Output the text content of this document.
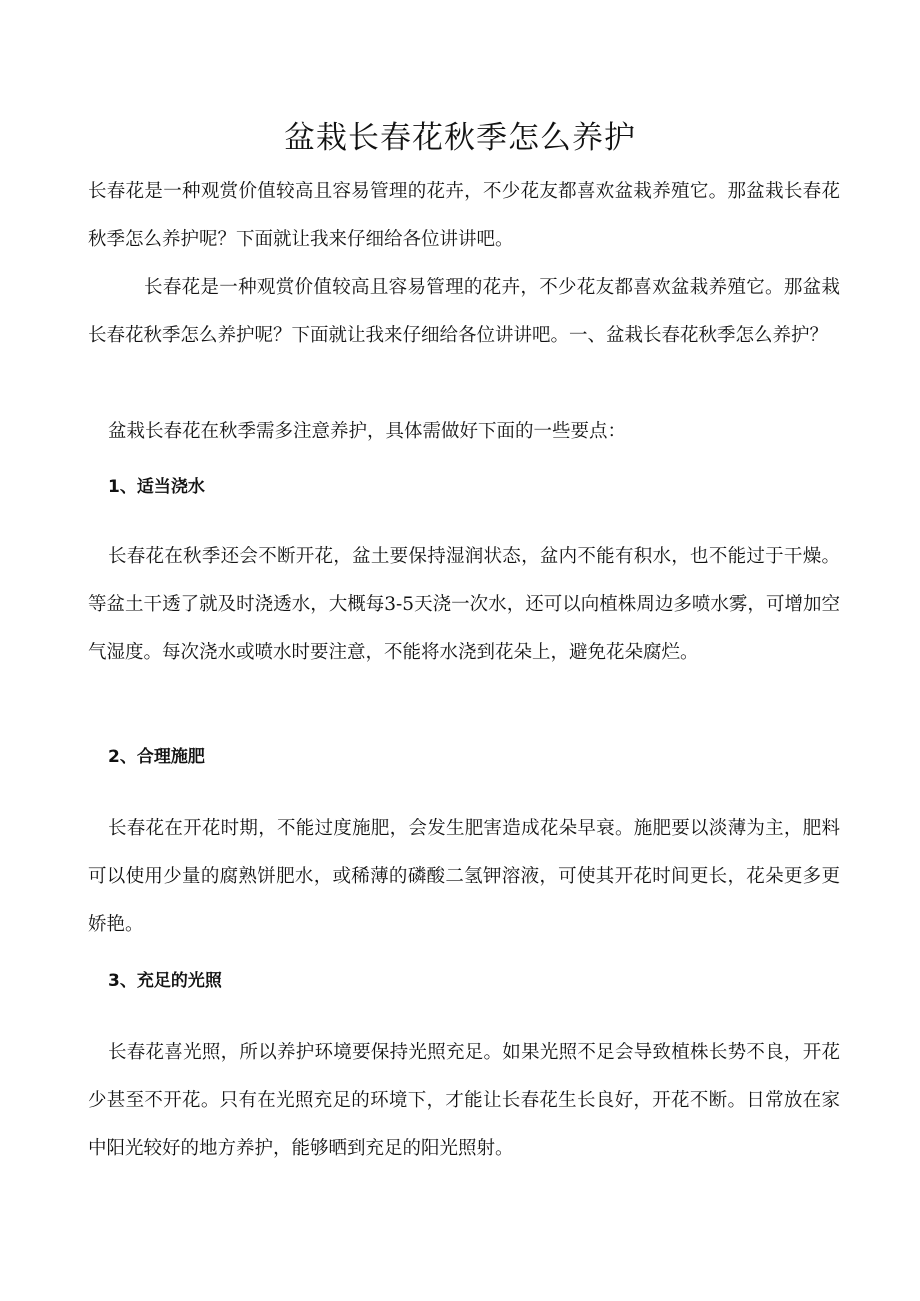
盆栽长春花秋季怎么养护

长春花是一种观赏价值较高且容易管理的花卉，不少花友都喜欢盆栽养殖它。那盆栽长春花秋季怎么养护呢？下面就让我来仔细给各位讲讲吧。

长春花是一种观赏价值较高且容易管理的花卉，不少花友都喜欢盆栽养殖它。那盆栽长春花秋季怎么养护呢？下面就让我来仔细给各位讲讲吧。一、盆栽长春花秋季怎么养护？

盆栽长春花在秋季需多注意养护，具体需做好下面的一些要点：

1、适当浇水

长春花在秋季还会不断开花，盆土要保持湿润状态，盆内不能有积水，也不能过于干燥。等盆土干透了就及时浇透水，大概每3-5天浇一次水，还可以向植株周边多喷水雾，可增加空气湿度。每次浇水或喷水时要注意，不能将水浇到花朵上，避免花朵腐烂。

2、合理施肥

长春花在开花时期，不能过度施肥，会发生肥害造成花朵早衰。施肥要以淡薄为主，肥料可以使用少量的腐熟饼肥水，或稀薄的磷酸二氢钾溶液，可使其开花时间更长，花朵更多更娇艳。

3、充足的光照

长春花喜光照，所以养护环境要保持光照充足。如果光照不足会导致植株长势不良，开花少甚至不开花。只有在光照充足的环境下，才能让长春花生长良好，开花不断。日常放在家中阳光较好的地方养护，能够晒到充足的阳光照射。
